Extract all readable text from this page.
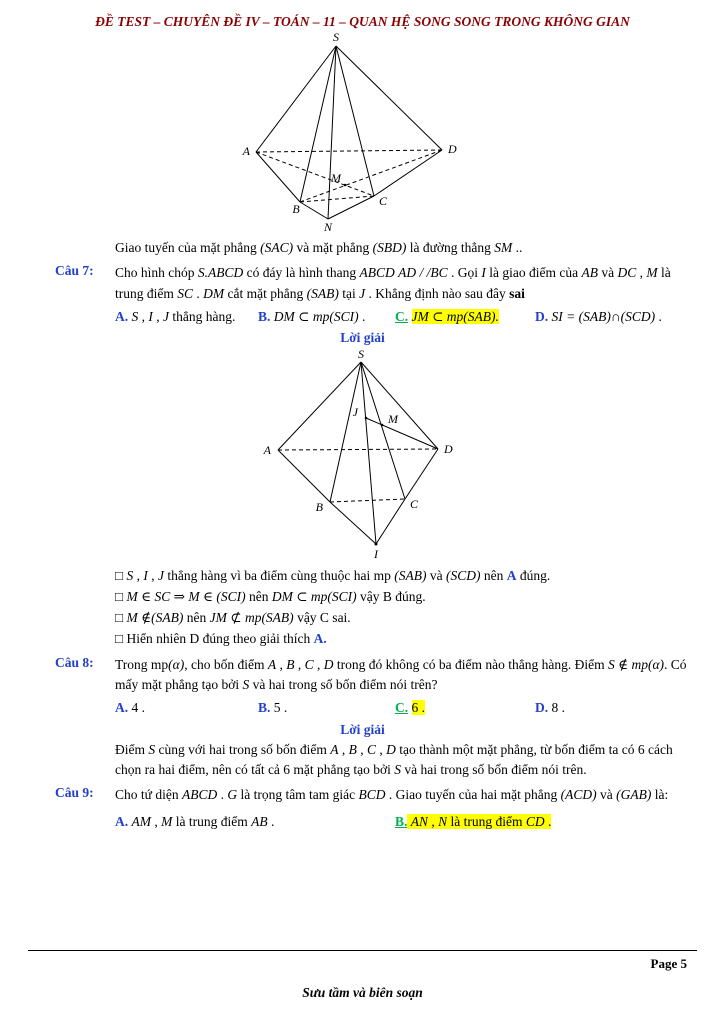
ĐỀ TEST – CHUYÊN ĐỀ IV – TOÁN – 11 – QUAN HỆ SONG SONG TRONG KHÔNG GIAN
S
A	D
B
C
N
M
Giao tuyến của mặt phẳng (SAC) và mặt phẳng (SBD) là đường thẳng SM ..
Câu 7:	Cho hình chóp S.ABCD có đáy là hình thang ABCD AD / /BC . Gọi I là giao điểm của AB và DC , M là trung điểm SC . DM cắt mặt phẳng (SAB) tại J . Khẳng định nào sau đây sai
A. S , I , J thẳng hàng.	B. DM ⊂ mp(SCI) .	C. JM ⊂ mp(SAB).	D. SI = (SAB)∩(SCD) .
Lời giải
S
J	M
A	D
B	C
I
□ S , I , J thẳng hàng vì ba điểm cùng thuộc hai mp (SAB) và (SCD) nên A đúng.
□ M ∈ SC ⇒ M ∈ (SCI) nên DM ⊂ mp(SCI) vậy B đúng.
□ M ∉(SAB) nên JM ⊄ mp(SAB) vậy C sai.
□ Hiển nhiên D đúng theo giải thích A.
Câu 8:	Trong mp(α), cho bốn điểm A , B , C , D trong đó không có ba điểm nào thẳng hàng. Điểm S ∉ mp(α). Có mấy mặt phẳng tạo bởi S và hai trong số bốn điểm nói trên?
A. 4 .	B. 5 .	C. 6 .	D. 8 .
Lời giải
Điểm S cùng với hai trong số bốn điểm A , B , C , D tạo thành một mặt phẳng, từ bốn điểm ta có 6 cách chọn ra hai điểm, nên có tất cả 6 mặt phẳng tạo bởi S và hai trong số bốn điểm nói trên.
Câu 9:	Cho tứ diện ABCD . G là trọng tâm tam giác BCD . Giao tuyến của hai mặt phẳng (ACD) và (GAB) là:
A. AM , M là trung điểm AB .	B. AN , N là trung điểm CD .
Page 5
Sưu tầm và biên soạn
